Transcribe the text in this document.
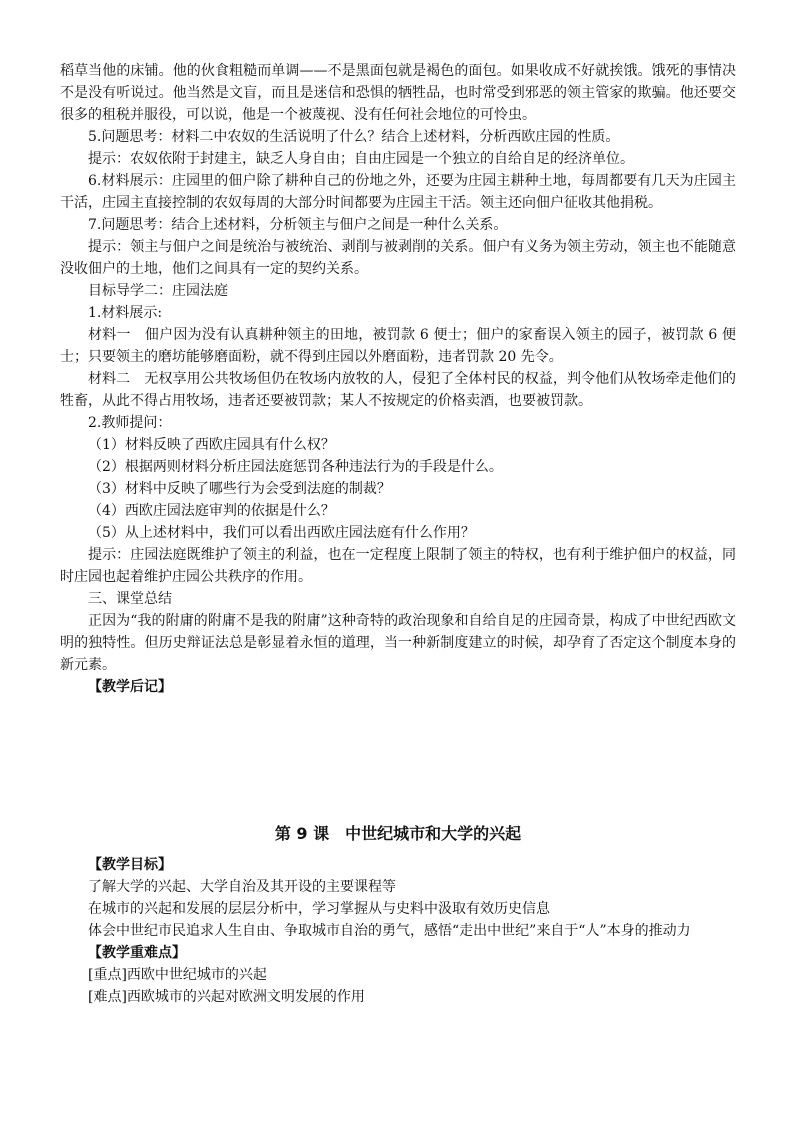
稻草当他的床铺。他的伙食粗糙而单调——不是黑面包就是褐色的面包。如果收成不好就挨饿。饿死的事情决不是没有听说过。他当然是文盲，而且是迷信和恐惧的牺牲品，也时常受到邪恶的领主管家的欺骗。他还要交很多的租税并服役，可以说，他是一个被蔑视、没有任何社会地位的可怜虫。

5.问题思考：材料二中农奴的生活说明了什么？结合上述材料，分析西欧庄园的性质。

提示：农奴依附于封建主，缺乏人身自由；自由庄园是一个独立的自给自足的经济单位。

6.材料展示：庄园里的佃户除了耕种自己的份地之外，还要为庄园主耕种土地，每周都要有几天为庄园主干活，庄园主直接控制的农奴每周的大部分时间都要为庄园主干活。领主还向佃户征收其他捐税。

7.问题思考：结合上述材料，分析领主与佃户之间是一种什么关系。

提示：领主与佃户之间是统治与被统治、剥削与被剥削的关系。佃户有义务为领主劳动，领主也不能随意没收佃户的土地，他们之间具有一定的契约关系。

目标导学二：庄园法庭

1.材料展示:

材料一　佃户因为没有认真耕种领主的田地，被罚款 6 便士；佃户的家畜误入领主的园子，被罚款 6 便士；只要领主的磨坊能够磨面粉，就不得到庄园以外磨面粉，违者罚款 20 先令。

材料二　无权享用公共牧场但仍在牧场内放牧的人，侵犯了全体村民的权益，判令他们从牧场牵走他们的牲畜，从此不得占用牧场，违者还要被罚款；某人不按规定的价格卖酒，也要被罚款。

2.教师提问：

（1）材料反映了西欧庄园具有什么权？

（2）根据两则材料分析庄园法庭惩罚各种违法行为的手段是什么。

（3）材料中反映了哪些行为会受到法庭的制裁？

（4）西欧庄园法庭审判的依据是什么？

（5）从上述材料中，我们可以看出西欧庄园法庭有什么作用？

提示：庄园法庭既维护了领主的利益，也在一定程度上限制了领主的特权，也有利于维护佃户的权益，同时庄园也起着维护庄园公共秩序的作用。

三、课堂总结

正因为“我的附庸的附庸不是我的附庸”这种奇特的政治现象和自给自足的庄园奇景，构成了中世纪西欧文明的独特性。但历史辩证法总是彰显着永恒的道理，当一种新制度建立的时候，却孕育了否定这个制度本身的新元素。

【教学后记】

第 9 课　中世纪城市和大学的兴起

【教学目标】

了解大学的兴起、大学自治及其开设的主要课程等

在城市的兴起和发展的层层分析中，学习掌握从与史料中汲取有效历史信息

体会中世纪市民追求人生自由、争取城市自治的勇气，感悟“走出中世纪”来自于“人”本身的推动力

【教学重难点】

[重点]西欧中世纪城市的兴起

[难点]西欧城市的兴起对欧洲文明发展的作用
